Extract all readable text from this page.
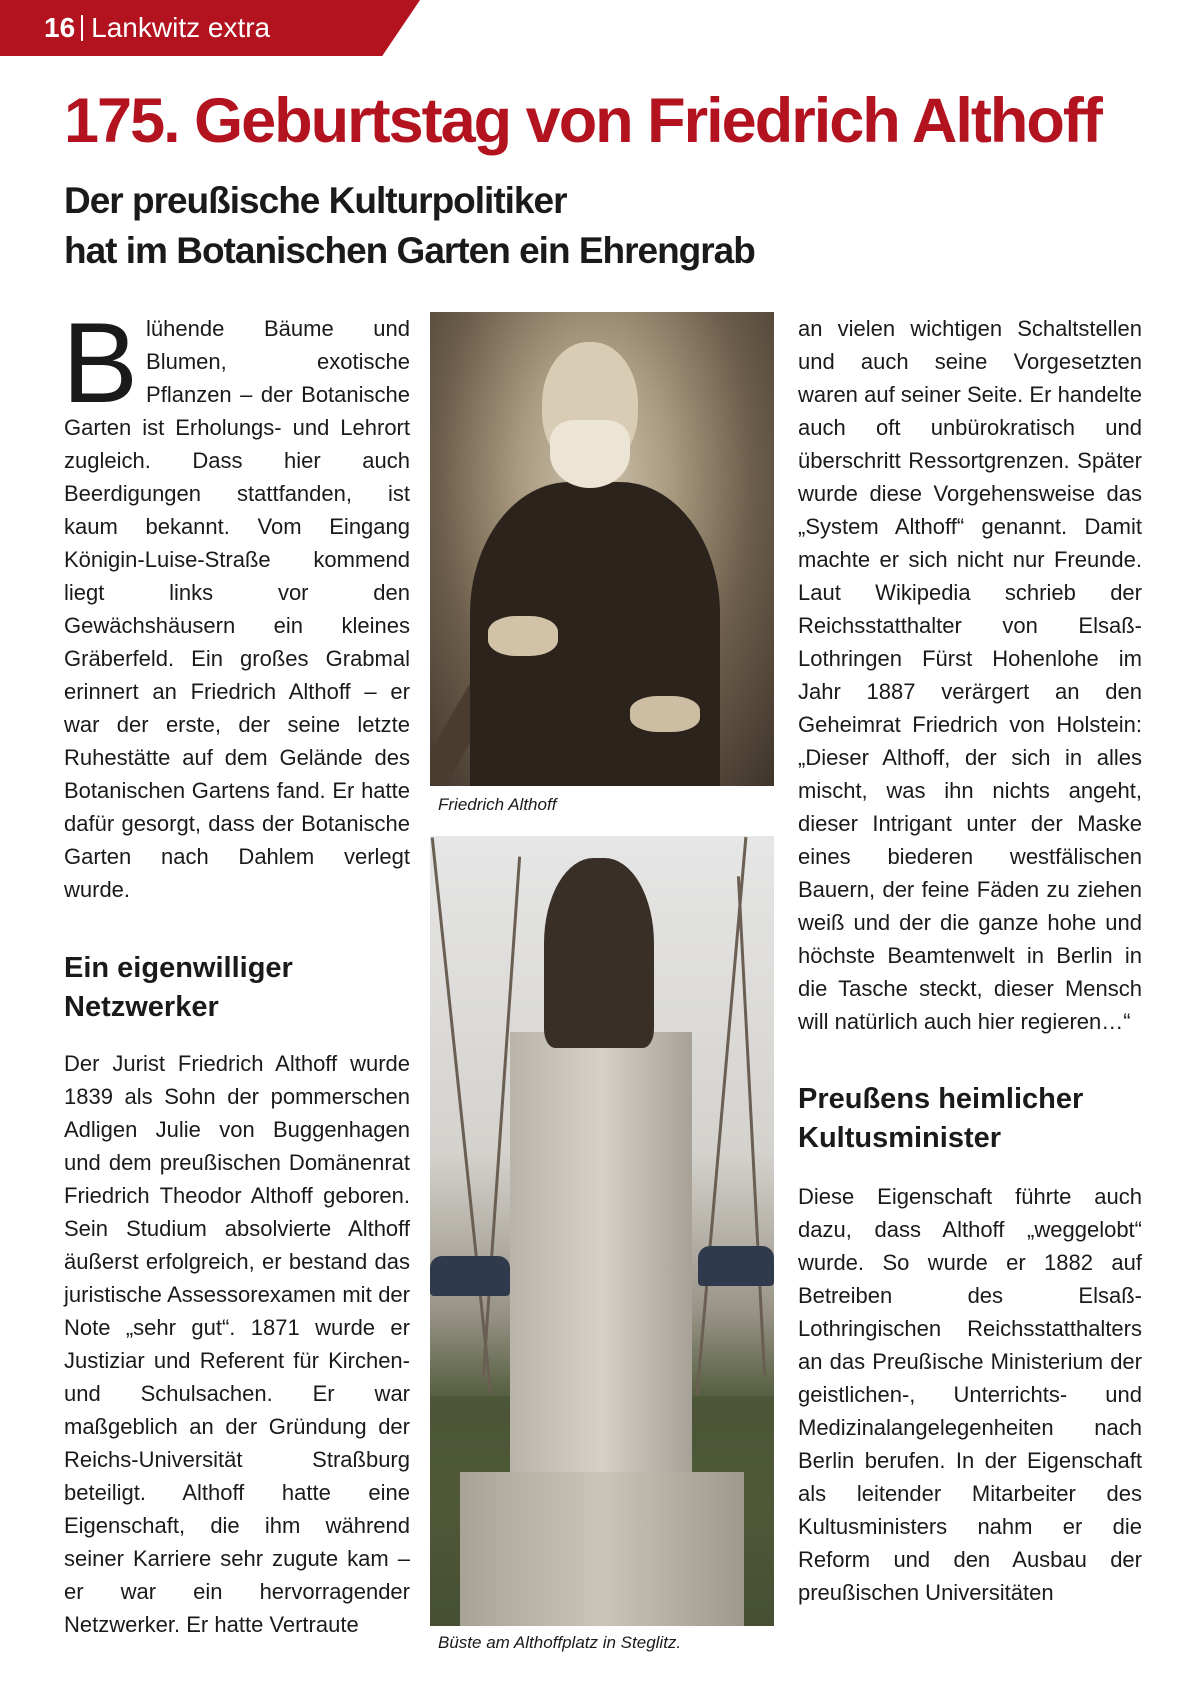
16 Lankwitz extra
175. Geburtstag von Friedrich Althoff
Der preußische Kulturpolitiker
hat im Botanischen Garten ein Ehrengrab

Blühende Bäume und Blumen, exotische Pflanzen – der Botanische Garten ist Erholungs- und Lehrort zugleich. Dass hier auch Beerdigungen stattfanden, ist kaum bekannt. Vom Eingang Königin-Luise-Straße kommend liegt links vor den Gewächshäusern ein kleines Gräberfeld. Ein großes Grabmal erinnert an Friedrich Althoff – er war der erste, der seine letzte Ruhestätte auf dem Gelände des Botanischen Gartens fand. Er hatte dafür gesorgt, dass der Botanische Garten nach Dahlem verlegt wurde.

Ein eigenwilliger
Netzwerker

Der Jurist Friedrich Althoff wurde 1839 als Sohn der pommerschen Adligen Julie von Buggenhagen und dem preußischen Domänenrat Friedrich Theodor Althoff geboren. Sein Studium absolvierte Althoff äußerst erfolgreich, er bestand das juristische Assessorexamen mit der Note „sehr gut“. 1871 wurde er Justiziar und Referent für Kirchen- und Schulsachen. Er war maßgeblich an der Gründung der Reichs-Universität Straßburg beteiligt. Althoff hatte eine Eigenschaft, die ihm während seiner Karriere sehr zugute kam – er war ein hervorragender Netzwerker. Er hatte Vertraute

Friedrich Althoff
Büste am Althoffplatz in Steglitz.

an vielen wichtigen Schaltstellen und auch seine Vorgesetzten waren auf seiner Seite. Er handelte auch oft unbürokratisch und überschritt Ressortgrenzen. Später wurde diese Vorgehensweise das „System Althoff“ genannt. Damit machte er sich nicht nur Freunde. Laut Wikipedia schrieb der Reichsstatthalter von Elsaß-Lothringen Fürst Hohenlohe im Jahr 1887 verärgert an den Geheimrat Friedrich von Holstein: „Dieser Althoff, der sich in alles mischt, was ihn nichts angeht, dieser Intrigant unter der Maske eines biederen westfälischen Bauern, der feine Fäden zu ziehen weiß und der die ganze hohe und höchste Beamtenwelt in Berlin in die Tasche steckt, dieser Mensch will natürlich auch hier regieren…“

Preußens heimlicher
Kultusminister

Diese Eigenschaft führte auch dazu, dass Althoff „weggelobt“ wurde. So wurde er 1882 auf Betreiben des Elsaß-Lothringischen Reichsstatthalters an das Preußische Ministerium der geistlichen-, Unterrichts- und Medizinalangelegenheiten nach Berlin berufen. In der Eigenschaft als leitender Mitarbeiter des Kultusministers nahm er die Reform und den Ausbau der preußischen Universitäten
